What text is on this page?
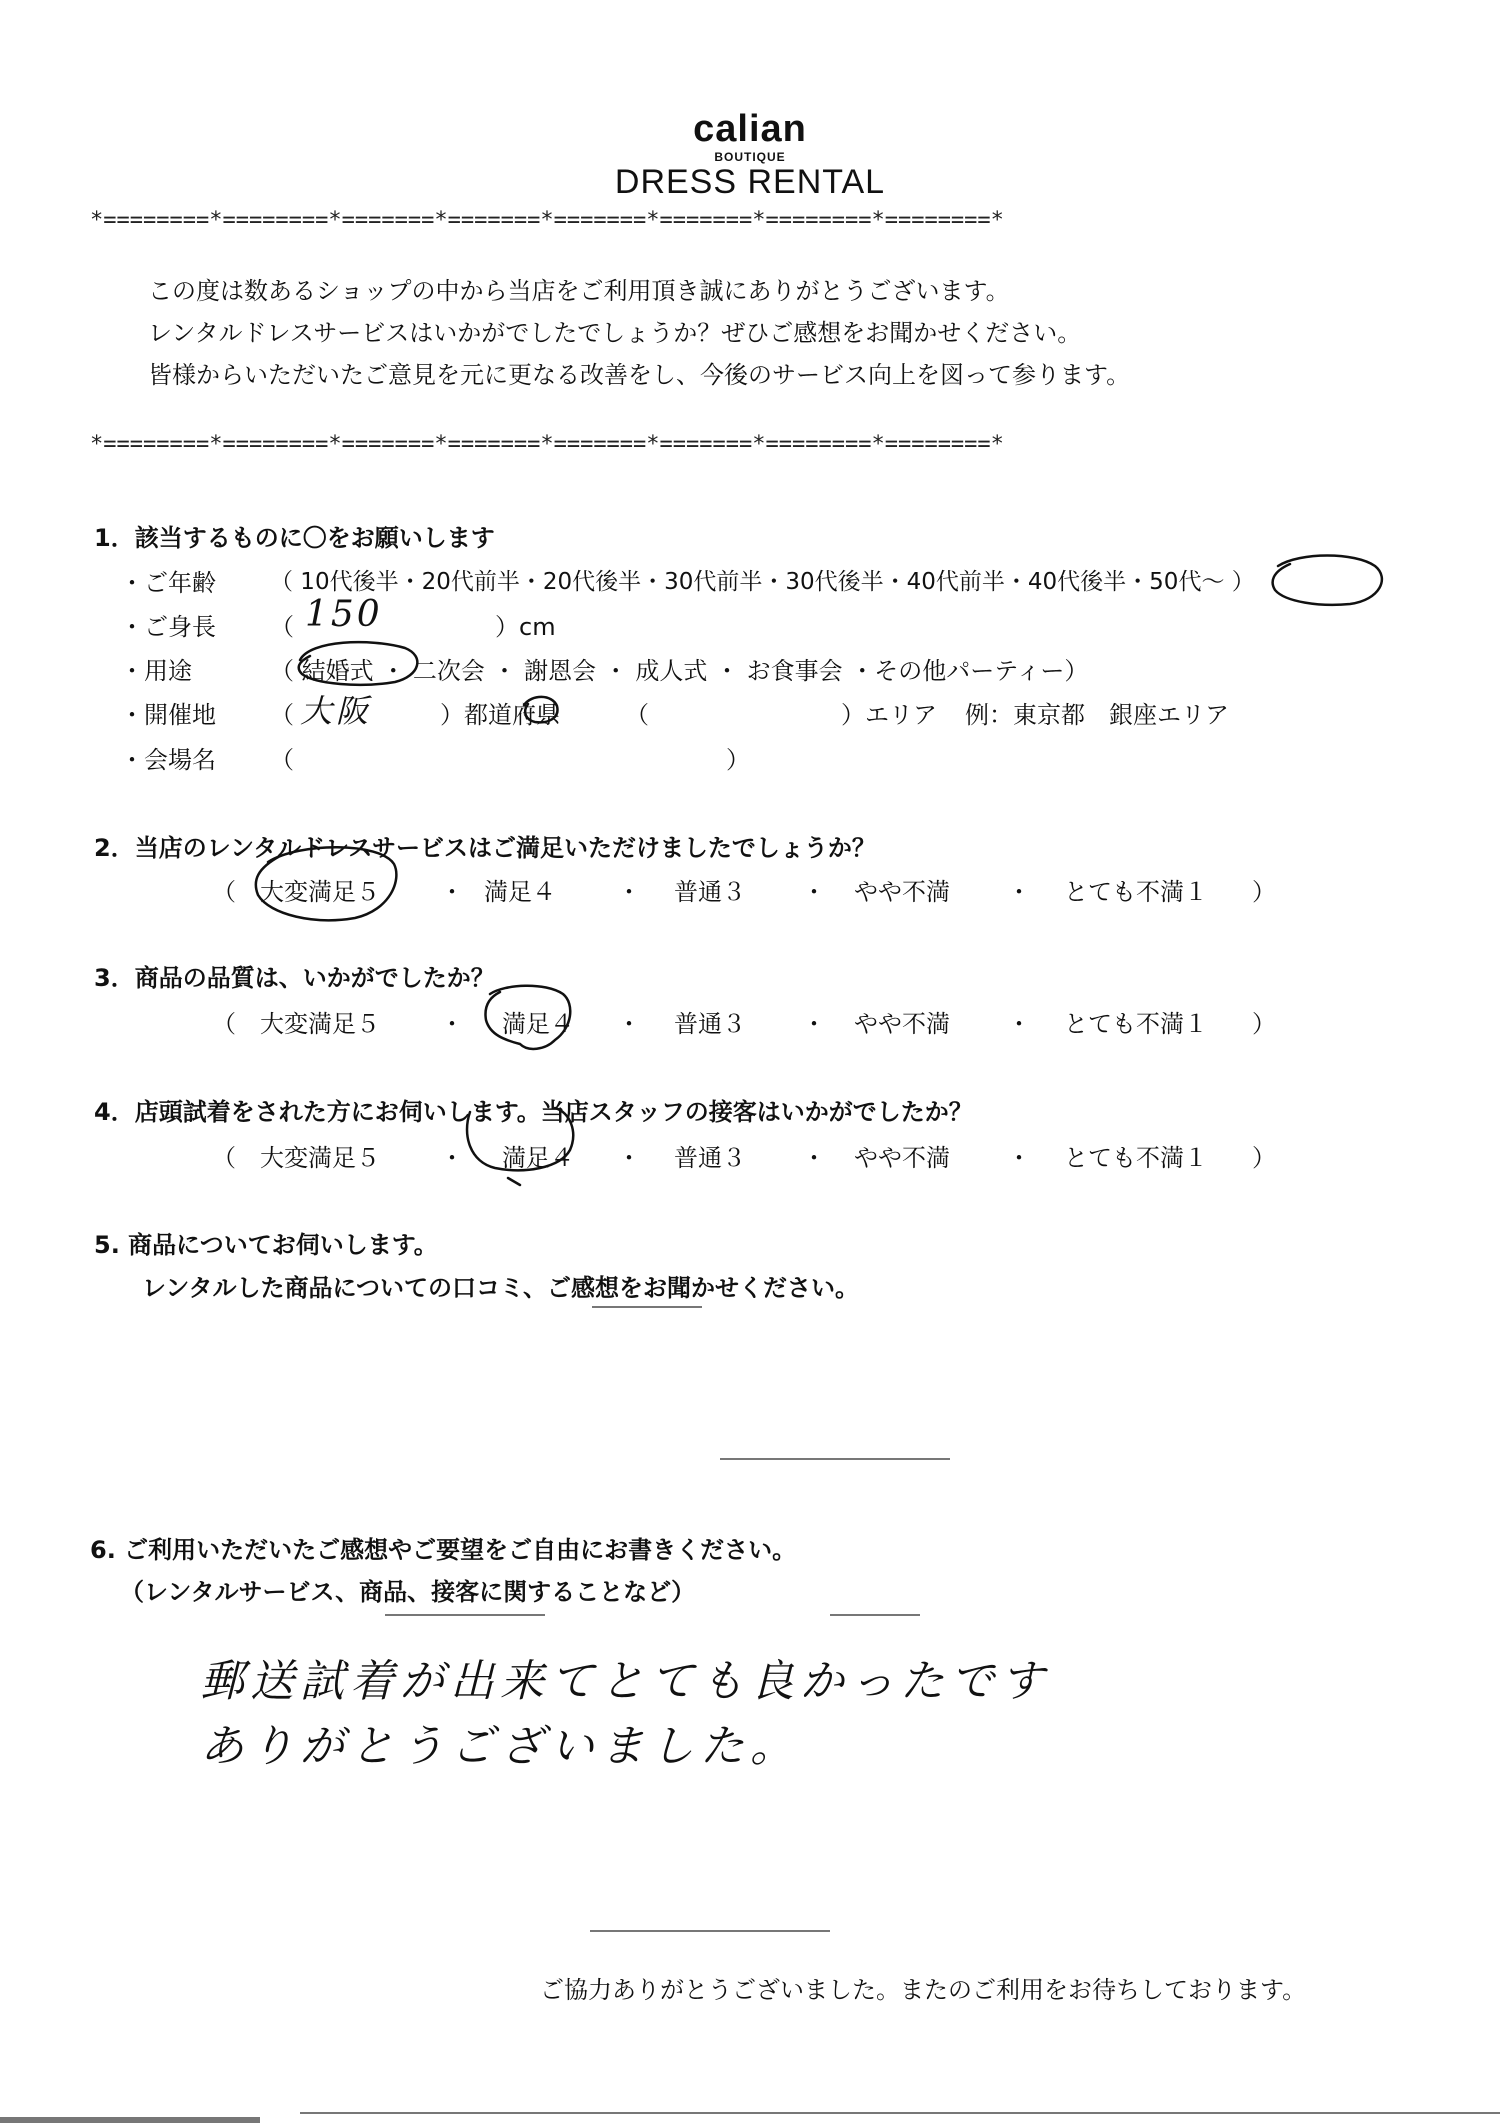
calian
BOUTIQUE
DRESS RENTAL
*========*========*=======*=======*=======*=======*========*========*
この度は数あるショップの中から当店をご利用頂き誠にありがとうございます。
レンタルドレスサービスはいかがでしたでしょうか？ぜひご感想をお聞かせください。
皆様からいただいたご意見を元に更なる改善をし、今後のサービス向上を図って参ります。
*========*========*=======*=======*=======*=======*========*========*
1．該当するものに〇をお願いします
・ご年齢 （ 10代後半・20代前半・20代後半・30代前半・30代後半・40代前半・40代後半・50代～ ）
・ご身長 （ 150	）cm
・用途	（ 結婚式 ・ 二次会 ・ 謝恩会 ・ 成人式 ・ お食事会 ・その他パーティー）
・開催地 （ 大阪	）都道府県	（　　　　　　　　）エリア 例：東京都　銀座エリア
・会場名 （　　　　　　　　　　　　　　　　　　）
2．当店のレンタルドレスサービスはご満足いただけましたでしょうか？
（ 大変満足５	・ 満足４	・ 普通３ ・ やや不満 ・ とても不満１ ）
3．商品の品質は、いかがでしたか？
（ 大変満足５	・ 満足４ ・ 普通３ ・ やや不満 ・ とても不満１ ）
4．店頭試着をされた方にお伺いします。当店スタッフの接客はいかがでしたか？
（ 大変満足５	・ 満足４ ・ 普通３ ・ やや不満 ・ とても不満１ ）
5. 商品についてお伺いします。
レンタルした商品についての口コミ、ご感想をお聞かせください。
6. ご利用いただいたご感想やご要望をご自由にお書きください。
（レンタルサービス、商品、接客に関することなど）
郵送試着が出来てとても良かったです
ありがとうございました。
ご協力ありがとうございました。またのご利用をお待ちしております。
